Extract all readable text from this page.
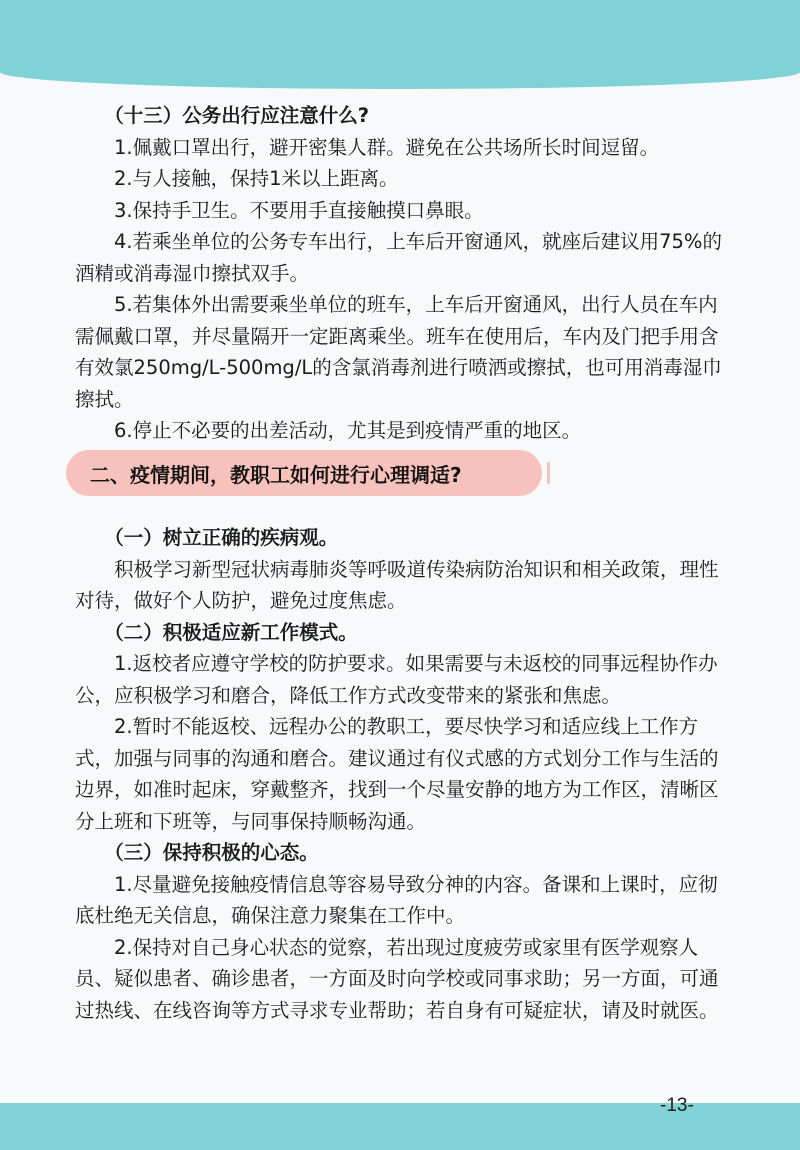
（十三）公务出行应注意什么?

1.佩戴口罩出行，避开密集人群。避免在公共场所长时间逗留。

2.与人接触，保持1米以上距离。

3.保持手卫生。不要用手直接触摸口鼻眼。

4.若乘坐单位的公务专车出行，上车后开窗通风，就座后建议用75%的酒精或消毒湿巾擦拭双手。

5.若集体外出需要乘坐单位的班车，上车后开窗通风，出行人员在车内需佩戴口罩，并尽量隔开一定距离乘坐。班车在使用后，车内及门把手用含有效氯250mg/L-500mg/L的含氯消毒剂进行喷洒或擦拭，也可用消毒湿巾擦拭。

6.停止不必要的出差活动，尤其是到疫情严重的地区。

二、疫情期间，教职工如何进行心理调适?

（一）树立正确的疾病观。

积极学习新型冠状病毒肺炎等呼吸道传染病防治知识和相关政策，理性对待，做好个人防护，避免过度焦虑。

（二）积极适应新工作模式。

1.返校者应遵守学校的防护要求。如果需要与未返校的同事远程协作办公，应积极学习和磨合，降低工作方式改变带来的紧张和焦虑。

2.暂时不能返校、远程办公的教职工，要尽快学习和适应线上工作方式，加强与同事的沟通和磨合。建议通过有仪式感的方式划分工作与生活的边界，如准时起床，穿戴整齐，找到一个尽量安静的地方为工作区，清晰区分上班和下班等，与同事保持顺畅沟通。

（三）保持积极的心态。

1.尽量避免接触疫情信息等容易导致分神的内容。备课和上课时，应彻底杜绝无关信息，确保注意力聚集在工作中。

2.保持对自己身心状态的觉察，若出现过度疲劳或家里有医学观察人员、疑似患者、确诊患者，一方面及时向学校或同事求助；另一方面，可通过热线、在线咨询等方式寻求专业帮助；若自身有可疑症状，请及时就医。

-13-
